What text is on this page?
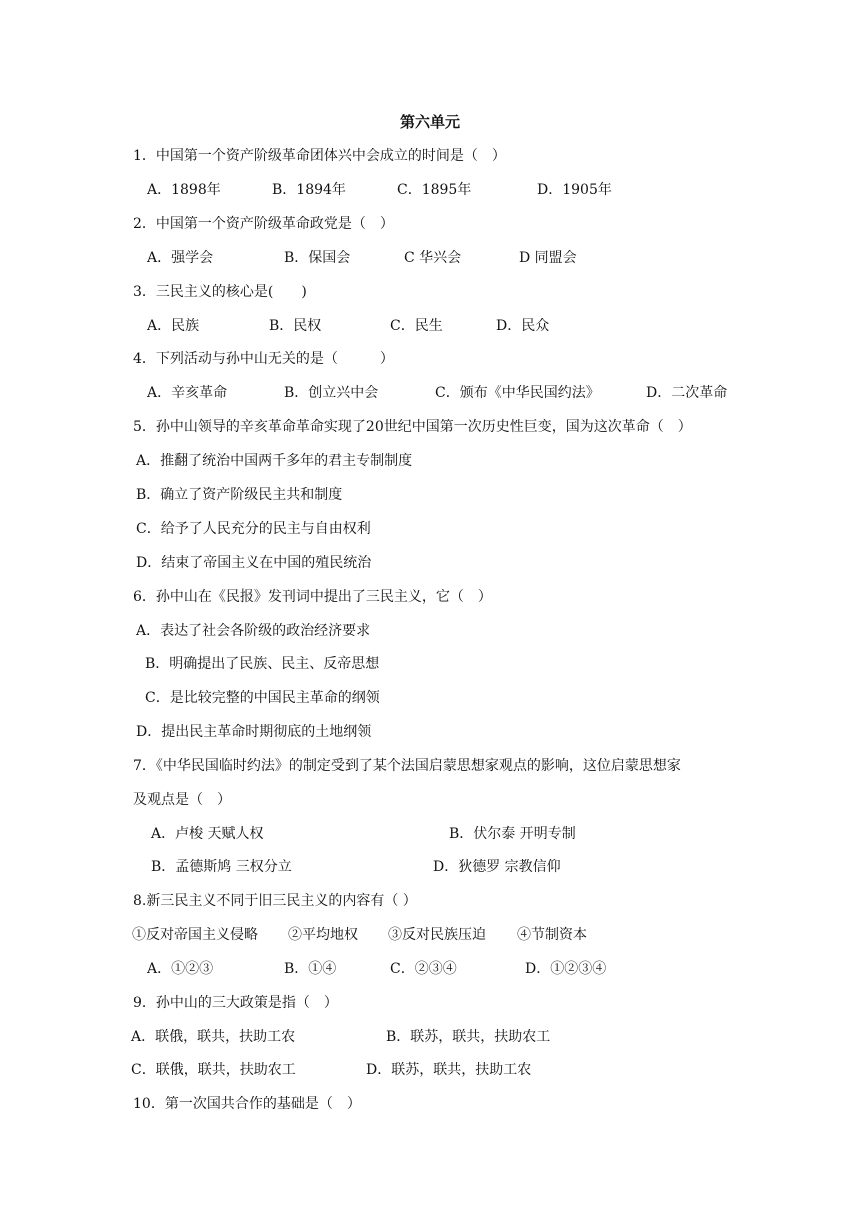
第六单元
1．中国第一个资产阶级革命团体兴中会成立的时间是（　）
A．1898年	B．1894年	C．1895年	D．1905年
2．中国第一个资产阶级革命政党是（　）
A．强学会	B．保国会	C 华兴会	D 同盟会
3．三民主义的核心是(　　)
A．民族	B．民权	C．民生	D．民众
4．下列活动与孙中山无关的是（　　　）
A．辛亥革命	B．创立兴中会	C．颁布《中华民国约法》	D．二次革命
5．孙中山领导的辛亥革命革命实现了20世纪中国第一次历史性巨变，国为这次革命（　）
A．推翻了统治中国两千多年的君主专制制度
B．确立了资产阶级民主共和制度
C．给予了人民充分的民主与自由权利
D．结束了帝国主义在中国的殖民统治
6．孙中山在《民报》发刊词中提出了三民主义，它（　）
A．表达了社会各阶级的政治经济要求
B．明确提出了民族、民主、反帝思想
C．是比较完整的中国民主革命的纲领
D．提出民主革命时期彻底的土地纲领
7．《中华民国临时约法》的制定受到了某个法国启蒙思想家观点的影响，这位启蒙思想家
及观点是（　）
A．卢梭 天赋人权	B．伏尔泰 开明专制
B．孟德斯鸠 三权分立	D．狄德罗 宗教信仰
8.新三民主义不同于旧三民主义的内容有（ ）
①反对帝国主义侵略 ②平均地权 ③反对民族压迫 ④节制资本
A．①②③	B．①④	C．②③④	D．①②③④
9．孙中山的三大政策是指（　）
A．联俄，联共，扶助工农	B．联苏，联共，扶助农工
C．联俄，联共，扶助农工	D．联苏，联共，扶助工农
10．第一次国共合作的基础是（　）
